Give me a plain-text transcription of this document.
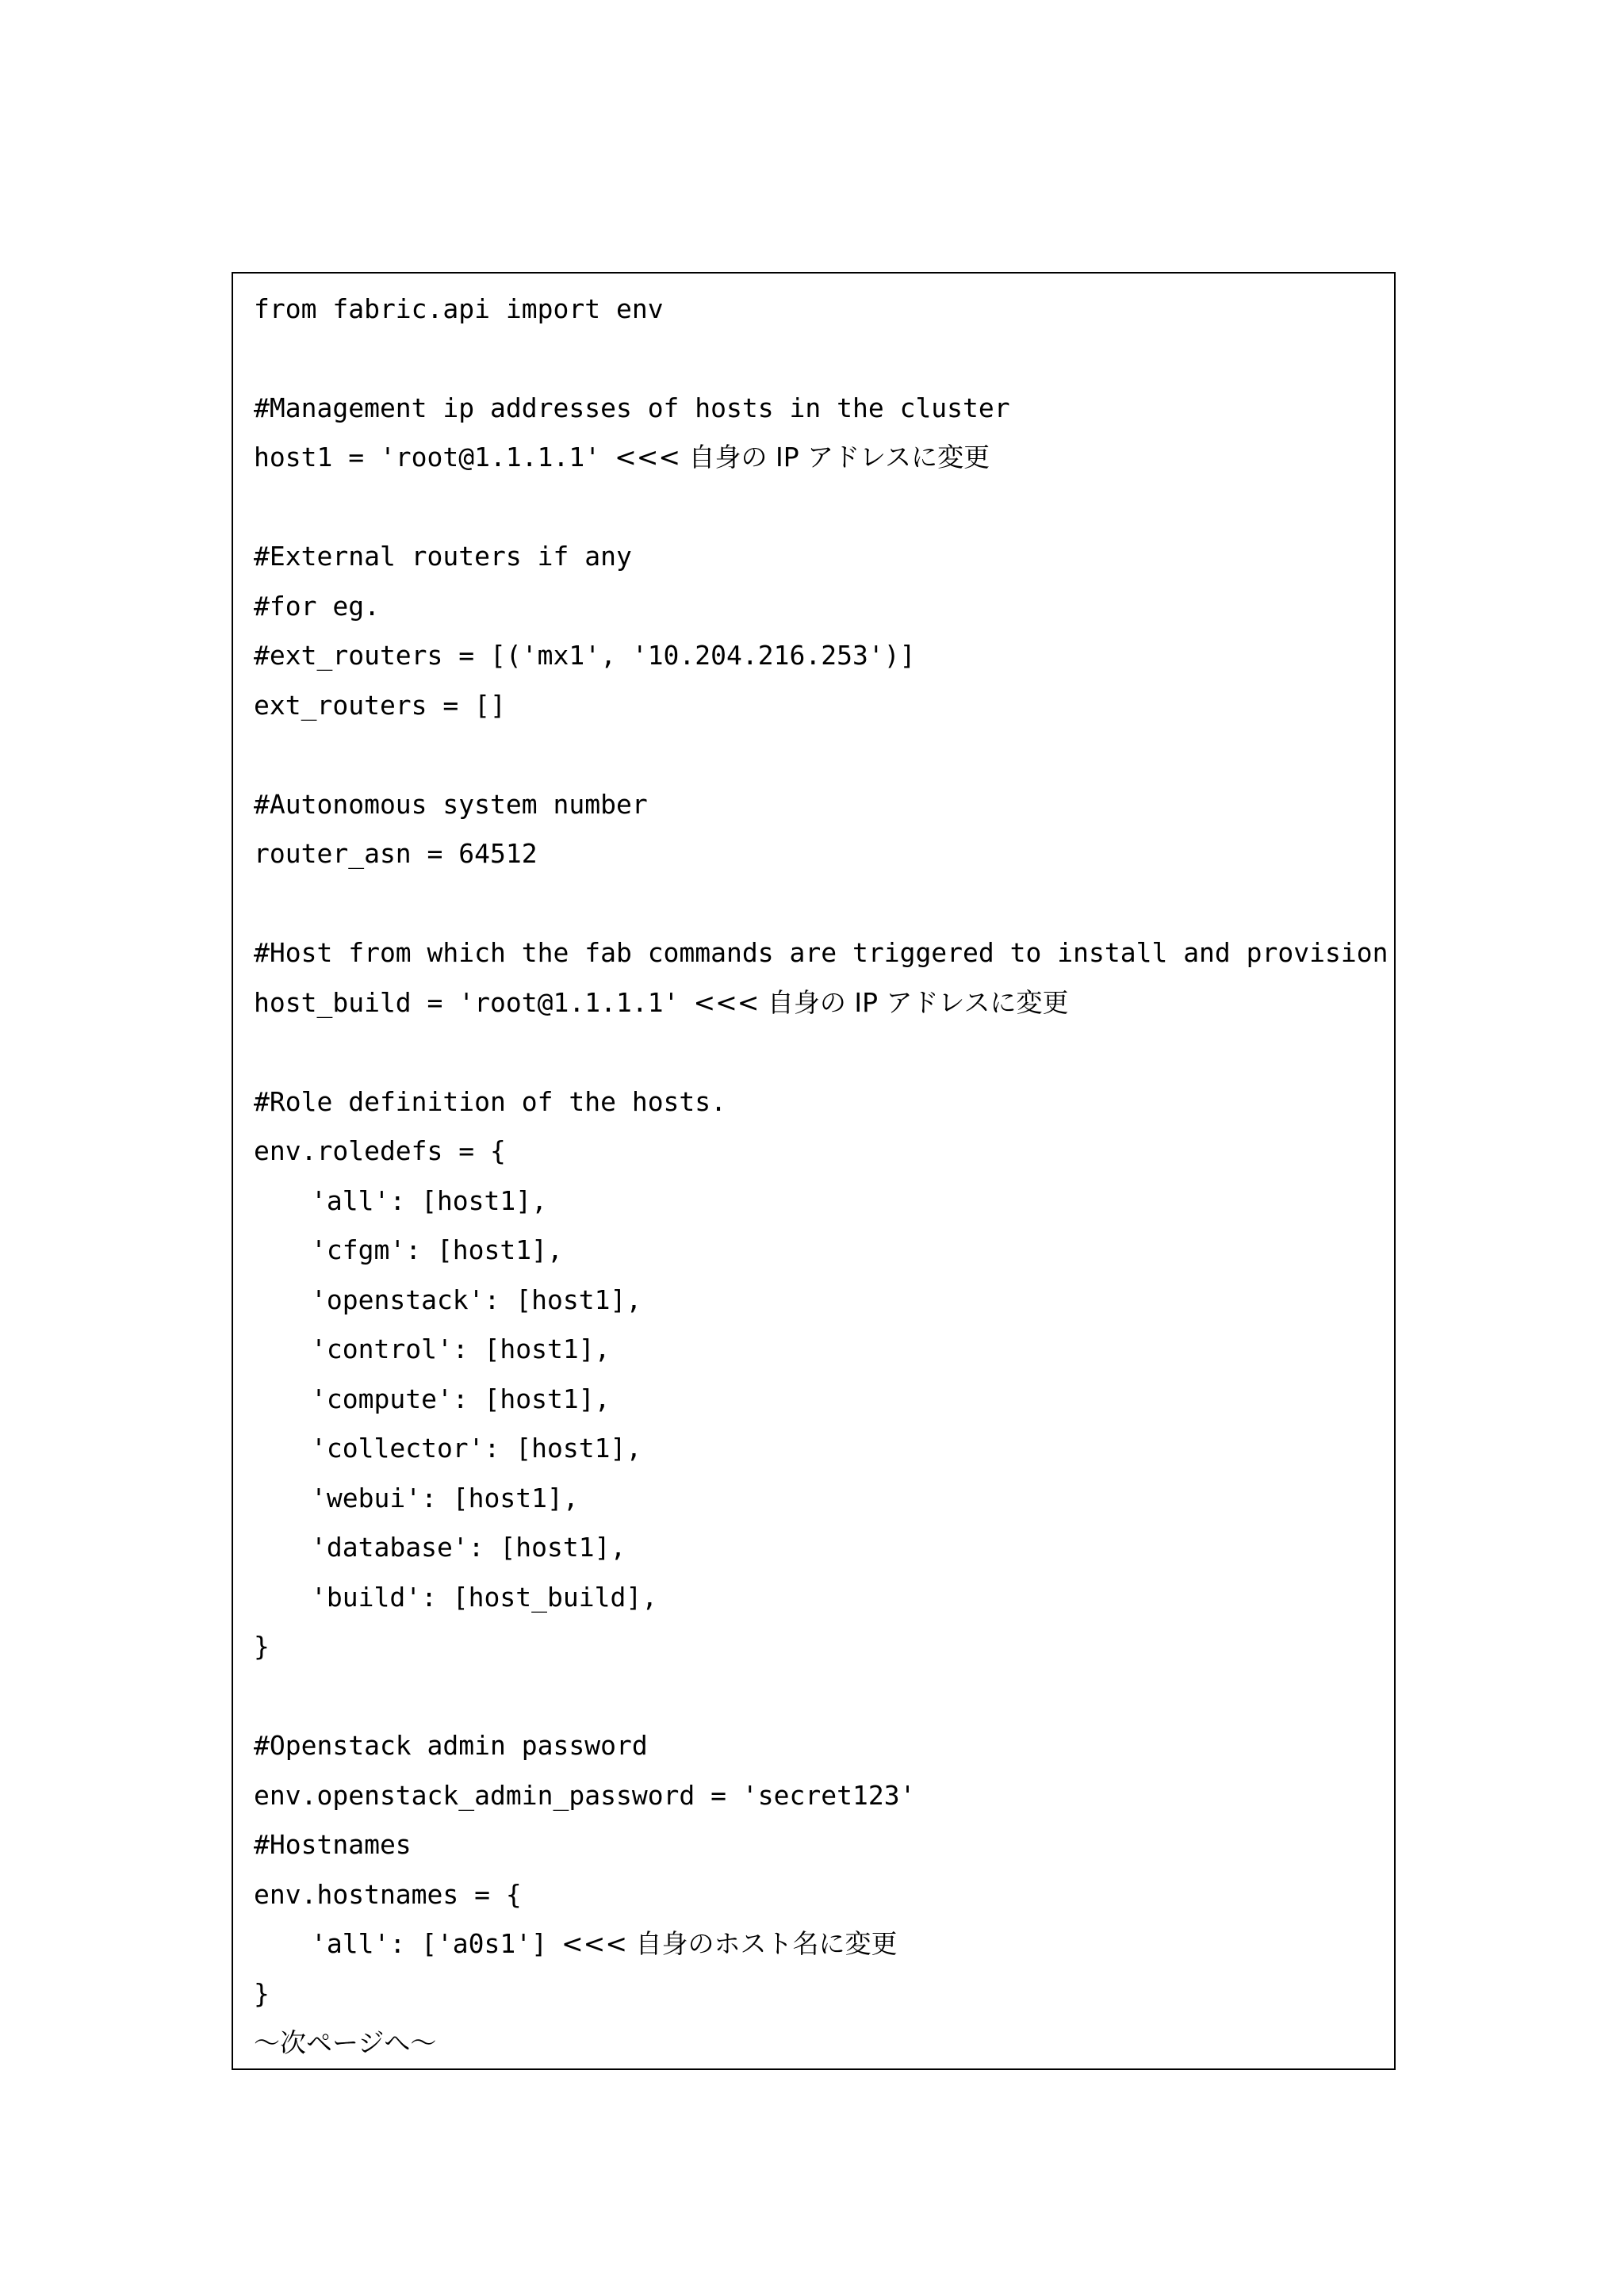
from fabric.api import env
#Management ip addresses of hosts in the cluster
host1 = 'root@1.1.1.1' <<< 自身の IP アドレスに変更
#External routers if any
#for eg.
#ext_routers = [('mx1', '10.204.216.253')]
ext_routers = []
#Autonomous system number
router_asn = 64512
#Host from which the fab commands are triggered to install and provision
host_build = 'root@1.1.1.1' <<< 自身の IP アドレスに変更
#Role definition of the hosts.
env.roledefs = {
'all': [host1],
'cfgm': [host1],
'openstack': [host1],
'control': [host1],
'compute': [host1],
'collector': [host1],
'webui': [host1],
'database': [host1],
'build': [host_build],
}
#Openstack admin password
env.openstack_admin_password = 'secret123'
#Hostnames
env.hostnames = {
'all': ['a0s1'] <<< 自身のホスト名に変更
}
～次ページへ～
